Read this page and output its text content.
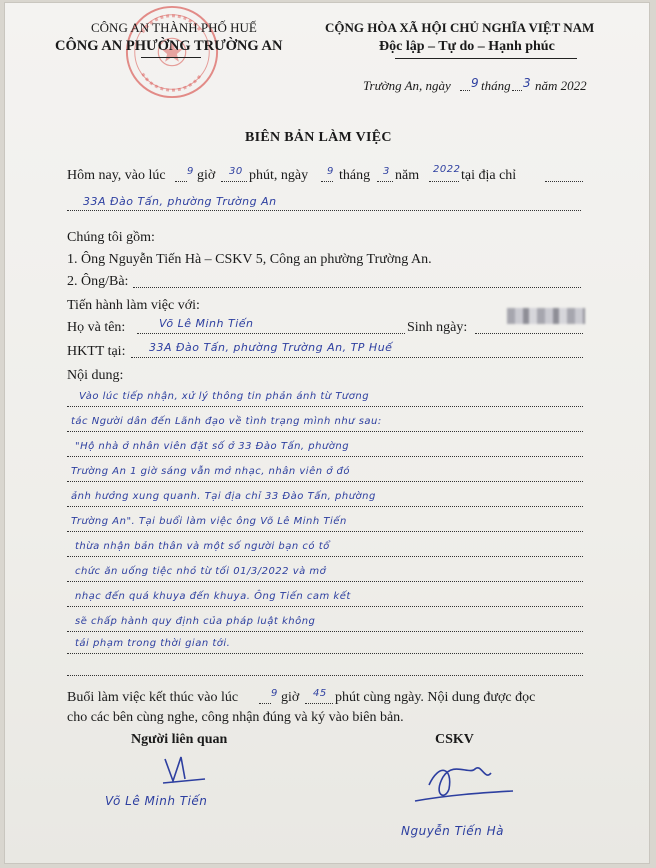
CÔNG AN THÀNH PHỐ HUẾ
CÔNG AN PHƯỜNG TRƯỜNG AN
CỘNG HÒA XÃ HỘI CHỦ NGHĨA VIỆT NAM
Độc lập – Tự do – Hạnh phúc
Trường An, ngày 9 tháng 3 năm 2022
BIÊN BẢN LÀM VIỆC
Hôm nay, vào lúc 9 giờ 30 phút, ngày 9 tháng 3 năm 2022 tại địa chỉ
33A Đào Tấn, phường Trường An
Chúng tôi gồm:
1. Ông Nguyễn Tiến Hà – CSKV 5, Công an phường Trường An.
2. Ông/Bà:
Tiến hành làm việc với:
Họ và tên:	Võ Lê Minh Tiến	Sinh ngày:
HKTT tại: 33A Đào Tấn, phường Trường An, TP Huế
Nội dung:
Vào lúc tiếp nhận, xử lý thông tin phản ánh từ Tương
tác Người dân đến Lãnh đạo về tình trạng mình như sau:
"Hộ nhà ở nhân viên đặt số ở 33 Đào Tấn, phường
Trường An 1 giờ sáng vẫn mở nhạc, nhân viên ở đó
ảnh hưởng xung quanh. Tại địa chỉ 33 Đào Tấn, phường
Trường An". Tại buổi làm việc ông Võ Lê Minh Tiến
thừa nhận bản thân và một số người bạn có tổ
chức ăn uống tiệc nhỏ từ tối 01/3/2022 và mở
nhạc đến quá khuya đến khuya. Ông Tiến cam kết
sẽ chấp hành quy định của pháp luật không
tái phạm trong thời gian tới.
Buổi làm việc kết thúc vào lúc	9 giờ 45 phút cùng ngày. Nội dung được đọc
cho các bên cùng nghe, công nhận đúng và ký vào biên bản.
Người liên quan	CSKV
Võ Lê Minh Tiến
Nguyễn Tiến Hà
